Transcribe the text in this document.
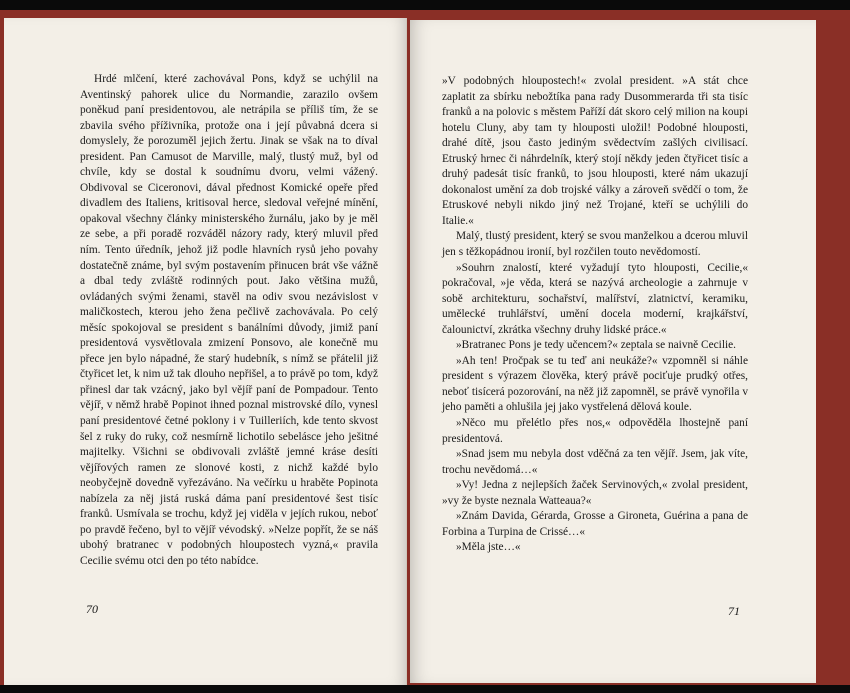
Hrdé mlčení, které zachovával Pons, když se uchýlil na Aventinský pahorek ulice du Normandie, zarazilo ovšem poněkud paní presidentovou, ale netrápila se příliš tím, že se zbavila svého příživníka, protože ona i její půvabná dcera si domyslely, že porozuměl jejich žertu. Jinak se však na to díval president. Pan Camusot de Marville, malý, tlustý muž, byl od chvíle, kdy se dostal k soudnímu dvoru, velmi vážený. Obdivoval se Ciceronovi, dával přednost Komické opeře před divadlem des Italiens, kritisoval herce, sledoval veřejné mínění, opakoval všechny články ministerského žurnálu, jako by je měl ze sebe, a při poradě rozváděl názory rady, který mluvil před ním. Tento úředník, jehož již podle hlavních rysů jeho povahy dostatečně známe, byl svým postavením přinucen brát vše vážně a dbal tedy zvláště rodinných pout. Jako většina mužů, ovládaných svými ženami, stavěl na odiv svou nezávislost v maličkostech, kterou jeho žena pečlivě zachovávala. Po celý měsíc spokojoval se president s banálními důvody, jimiž paní presidentová vysvětlovala zmizení Ponsovo, ale konečně mu přece jen bylo nápadné, že starý hudebník, s nímž se přátelil již čtyřicet let, k nim už tak dlouho nepřišel, a to právě po tom, když přinesl dar tak vzácný, jako byl vějíř paní de Pompadour. Tento vějíř, v němž hrabě Popinot ihned poznal mistrovské dílo, vynesl paní presidentové četné poklony i v Tuilleriích, kde tento skvost šel z ruky do ruky, což nesmírně lichotilo sebelásce jeho ješitné majitelky. Všichni se obdivovali zvláště jemné kráse desíti vějířových ramen ze slonové kosti, z nichž každé bylo neobyčejně dovedně vyřezáváno. Na večírku u hraběte Popinota nabízela za něj jistá ruská dáma paní presidentové šest tisíc franků. Usmívala se trochu, když jej viděla v jejích rukou, neboť po pravdě řečeno, byl to vějíř vévodský. »Nelze popřít, že se náš ubohý bratranec v podobných hloupostech vyzná,« pravila Cecilie svému otci den po této nabídce.

70

»V podobných hloupostech!« zvolal president. »A stát chce zaplatit za sbírku nebožtíka pana rady Dusommerarda tři sta tisíc franků a na polovic s městem Paříží dát skoro celý milion na koupi hotelu Cluny, aby tam ty hlouposti uložil! Podobné hlouposti, drahé dítě, jsou často jediným svědectvím zašlých civilisací. Etruský hrnec či náhrdelník, který stojí někdy jeden čtyřicet tisíc a druhý padesát tisíc franků, to jsou hlouposti, které nám ukazují dokonalost umění za dob trojské války a zároveň svědčí o tom, že Etruskové nebyli nikdo jiný než Trojané, kteří se uchýlili do Italie.«

Malý, tlustý president, který se svou manželkou a dcerou mluvil jen s těžkopádnou ironií, byl rozčilen touto nevědomostí.

»Souhrn znalostí, které vyžadují tyto hlouposti, Cecilie,« pokračoval, »je věda, která se nazývá archeologie a zahrnuje v sobě architekturu, sochařství, malířství, zlatnictví, keramiku, umělecké truhlářství, umění docela moderní, krajkářství, čalounictví, zkrátka všechny druhy lidské práce.«

»Bratranec Pons je tedy učencem?« zeptala se naivně Cecilie.

»Ah ten! Pročpak se tu teď ani neukáže?« vzpomněl si náhle president s výrazem člověka, který právě pociťuje prudký otřes, neboť tisícerá pozorování, na něž již zapomněl, se právě vynořila v jeho paměti a ohlušila jej jako vystřelená dělová koule.

»Něco mu přelétlo přes nos,« odpověděla lhostejně paní presidentová.

»Snad jsem mu nebyla dost vděčná za ten vějíř. Jsem, jak víte, trochu nevědomá…«

»Vy! Jedna z nejlepších žaček Servinových,« zvolal president, »vy že byste neznala Watteaua?«

»Znám Davida, Gérarda, Grosse a Gironeta, Guérina a pana de Forbina a Turpina de Crissé…«

»Měla jste…«

71
